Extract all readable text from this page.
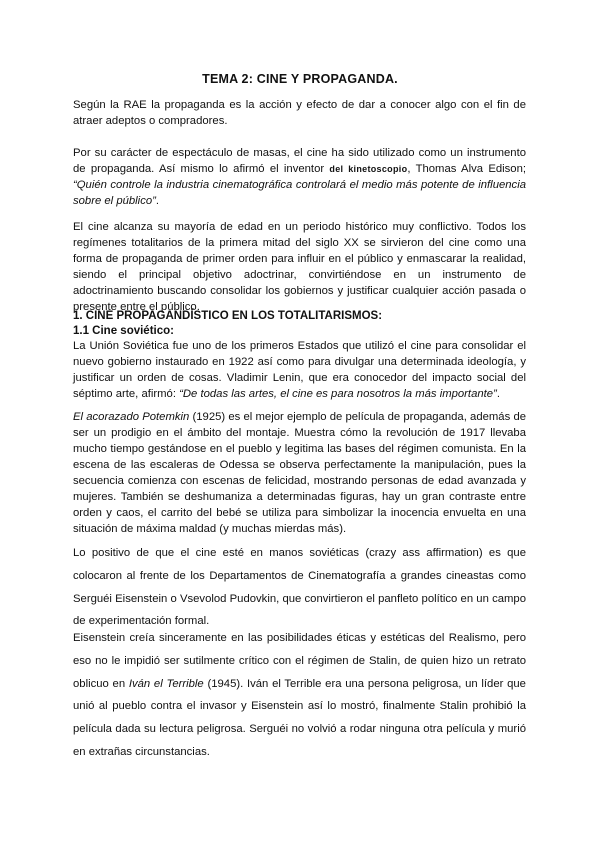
TEMA 2: CINE Y PROPAGANDA.

Según la RAE la propaganda es la acción y efecto de dar a conocer algo con el fin de atraer adeptos o compradores.

Por su carácter de espectáculo de masas, el cine ha sido utilizado como un instrumento de propaganda. Así mismo lo afirmó el inventor del kinetoscopio, Thomas Alva Edison; “Quién controle la industria cinematográfica controlará el medio más potente de influencia sobre el público”.

El cine alcanza su mayoría de edad en un periodo histórico muy conflictivo. Todos los regímenes totalitarios de la primera mitad del siglo XX se sirvieron del cine como una forma de propaganda de primer orden para influir en el público y enmascarar la realidad, siendo el principal objetivo adoctrinar, convirtiéndose en un instrumento de adoctrinamiento buscando consolidar los gobiernos y justificar cualquier acción pasada o presente entre el público.

1. CINE PROPAGANDÍSTICO EN LOS TOTALITARISMOS:
1.1 Cine soviético:

La Unión Soviética fue uno de los primeros Estados que utilizó el cine para consolidar el nuevo gobierno instaurado en 1922 así como para divulgar una determinada ideología, y justificar un orden de cosas. Vladimir Lenin, que era conocedor del impacto social del séptimo arte, afirmó: “De todas las artes, el cine es para nosotros la más importante”.

El acorazado Potemkin (1925) es el mejor ejemplo de película de propaganda, además de ser un prodigio en el ámbito del montaje. Muestra cómo la revolución de 1917 llevaba mucho tiempo gestándose en el pueblo y legitima las bases del régimen comunista. En la escena de las escaleras de Odessa se observa perfectamente la manipulación, pues la secuencia comienza con escenas de felicidad, mostrando personas de edad avanzada y mujeres. También se deshumaniza a determinadas figuras, hay un gran contraste entre orden y caos, el carrito del bebé se utiliza para simbolizar la inocencia envuelta en una situación de máxima maldad (y muchas mierdas más).

Lo positivo de que el cine esté en manos soviéticas (crazy ass affirmation) es que colocaron al frente de los Departamentos de Cinematografía a grandes cineastas como Serguéi Eisenstein o Vsevolod Pudovkin, que convirtieron el panfleto político en un campo de experimentación formal.

Eisenstein creía sinceramente en las posibilidades éticas y estéticas del Realismo, pero eso no le impidió ser sutilmente crítico con el régimen de Stalin, de quien hizo un retrato oblicuo en Iván el Terrible (1945). Iván el Terrible era una persona peligrosa, un líder que unió al pueblo contra el invasor y Eisenstein así lo mostró, finalmente Stalin prohibió la película dada su lectura peligrosa. Serguéi no volvió a rodar ninguna otra película y murió en extrañas circunstancias.
